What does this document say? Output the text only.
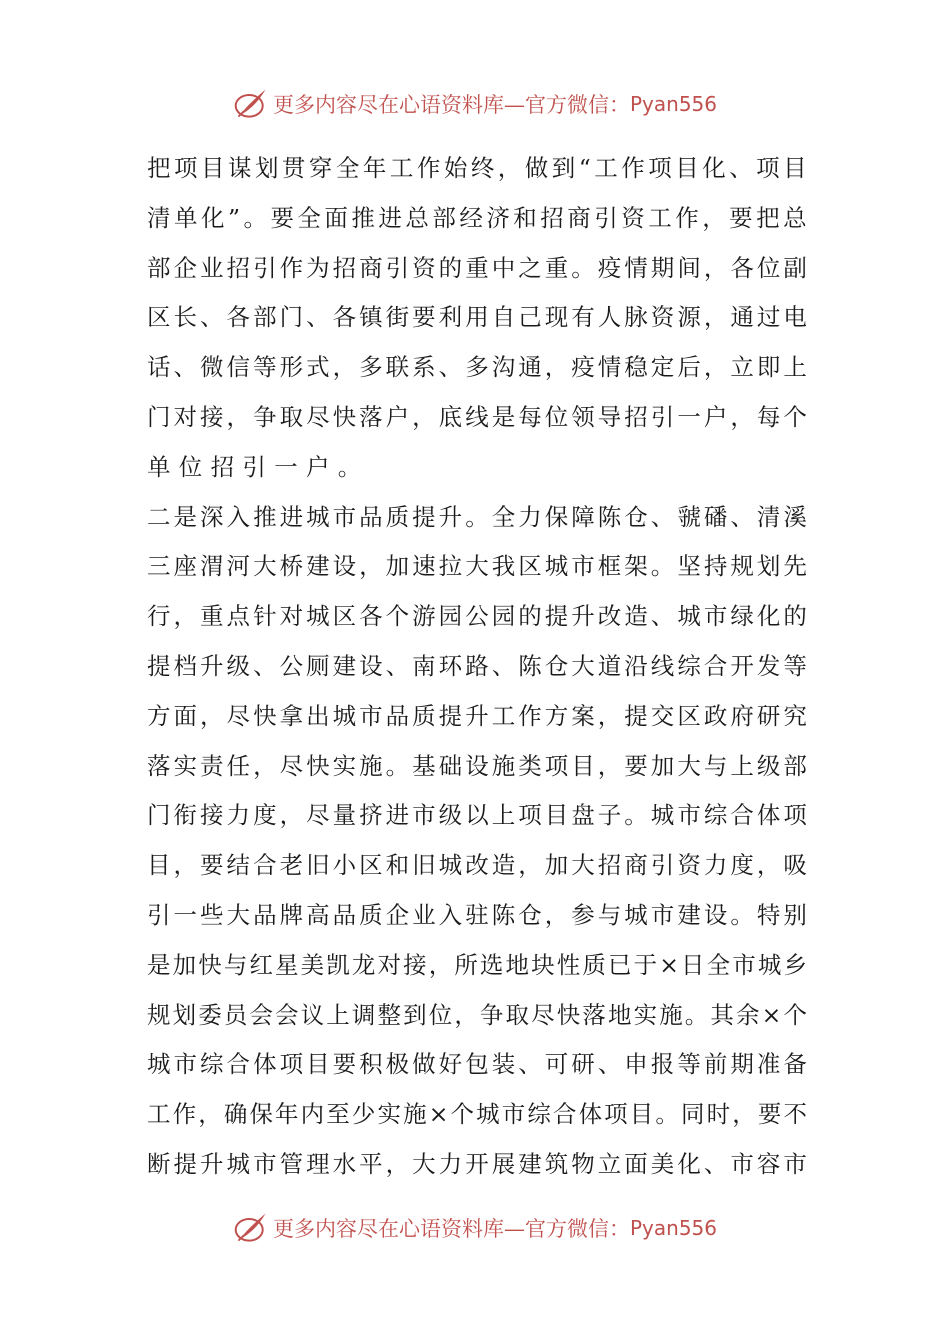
更多内容尽在心语资料库—官方微信： Pyan556
把 项 目 谋 划 贯 穿 全 年 工 作 始 终 ， 做 到 “ 工 作 项 目 化 、 项 目
清 单 化 ” 。 要 全 面 推 进 总 部 经 济 和 招 商 引 资 工 作 ， 要 把 总
部 企 业 招 引 作 为 招 商 引 资 的 重 中 之 重 。 疫 情 期 间 ， 各 位 副
区 长 、 各 部 门 、 各 镇 街 要 利 用 自 己 现 有 人 脉 资 源 ， 通 过 电
话 、 微 信 等 形 式 ， 多 联 系 、 多 沟 通 ， 疫 情 稳 定 后 ， 立 即 上
门 对 接 ， 争 取 尽 快 落 户 ， 底 线 是 每 位 领 导 招 引 一 户 ， 每 个
单 位 招 引 一 户 。
二 是 深 入 推 进 城 市 品 质 提 升 。 全 力 保 障 陈 仓 、 虢 磻 、 清 溪
三 座 渭 河 大 桥 建 设 ， 加 速 拉 大 我 区 城 市 框 架 。 坚 持 规 划 先
行 ， 重 点 针 对 城 区 各 个 游 园 公 园 的 提 升 改 造 、 城 市 绿 化 的
提 档 升 级 、 公 厕 建 设 、 南 环 路 、 陈 仓 大 道 沿 线 综 合 开 发 等
方 面 ， 尽 快 拿 出 城 市 品 质 提 升 工 作 方 案 ， 提 交 区 政 府 研 究
落 实 责 任 ， 尽 快 实 施 。 基 础 设 施 类 项 目 ， 要 加 大 与 上 级 部
门 衔 接 力 度 ， 尽 量 挤 进 市 级 以 上 项 目 盘 子 。 城 市 综 合 体 项
目 ， 要 结 合 老 旧 小 区 和 旧 城 改 造 ， 加 大 招 商 引 资 力 度 ， 吸
引 一 些 大 品 牌 高 品 质 企 业 入 驻 陈 仓 ， 参 与 城 市 建 设 。 特 别
是 加 快 与 红 星 美 凯 龙 对 接 ， 所 选 地 块 性 质 已 于 × 日 全 市 城 乡
规 划 委 员 会 会 议 上 调 整 到 位 ， 争 取 尽 快 落 地 实 施 。 其 余 × 个
城 市 综 合 体 项 目 要 积 极 做 好 包 装 、 可 研 、 申 报 等 前 期 准 备
工 作 ， 确 保 年 内 至 少 实 施 × 个 城 市 综 合 体 项 目 。 同 时 ， 要 不
断 提 升 城 市 管 理 水 平 ， 大 力 开 展 建 筑 物 立 面 美 化 、 市 容 市
更多内容尽在心语资料库—官方微信： Pyan556
